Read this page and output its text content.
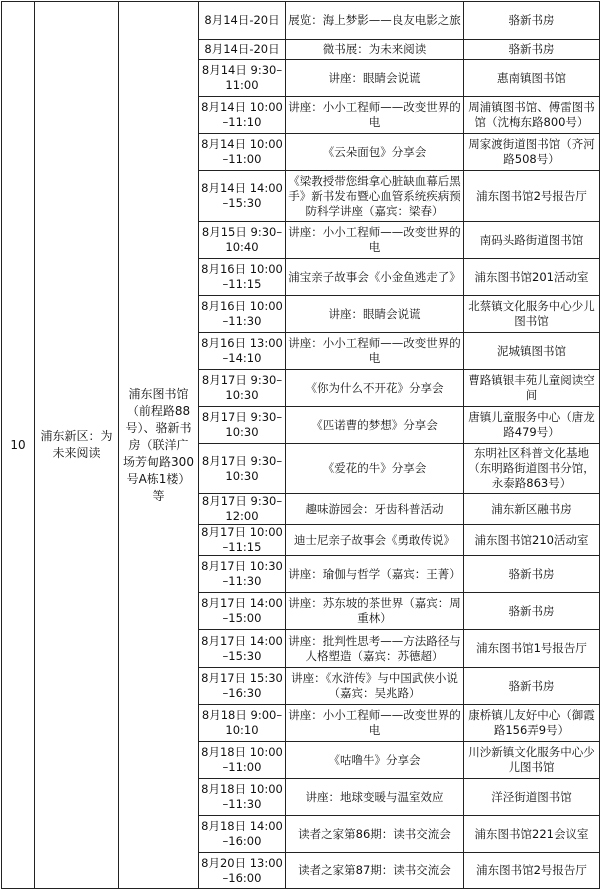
10	浦东新区：为未来阅读	浦东图书馆（前程路88号）、骆新书房（联洋广场芳甸路300号A栋1楼）等	8月14日-20日	展览：海上梦影——良友电影之旅	骆新书房
			8月14日-20日	微书展：为未来阅读	骆新书房
			8月14日 9:30–11:00	讲座：眼睛会说谎	惠南镇图书馆
			8月14日 10:00–11:10	讲座：小小工程师——改变世界的电	周浦镇图书馆、傅雷图书馆（沈梅东路800号）
			8月14日 10:00–11:00	《云朵面包》分享会	周家渡街道图书馆（齐河路508号）
			8月14日 14:00–15:30	《梁教授带您缉拿心脏缺血幕后黑手》新书发布暨心血管系统疾病预防科学讲座（嘉宾：梁春）	浦东图书馆2号报告厅
			8月15日 9:30–10:40	讲座：小小工程师——改变世界的电	南码头路街道图书馆
			8月16日 10:00–11:15	浦宝亲子故事会《小金鱼逃走了》	浦东图书馆201活动室
			8月16日 10:00–11:30	讲座：眼睛会说谎	北蔡镇文化服务中心少儿图书馆
			8月16日 13:00–14:10	讲座：小小工程师——改变世界的电	泥城镇图书馆
			8月17日 9:30–10:30	《你为什么不开花》分享会	曹路镇银丰苑儿童阅读空间
			8月17日 9:30–10:30	《匹诺曹的梦想》分享会	唐镇儿童服务中心（唐龙路479号）
			8月17日 9:30–10:30	《爱花的牛》分享会	东明社区科普文化基地（东明路街道图书分馆，永泰路863号）
			8月17日 9:30–12:00	趣味游园会：牙齿科普活动	浦东新区融书房
			8月17日 10:00–11:15	迪士尼亲子故事会《勇敢传说》	浦东图书馆210活动室
			8月17日 10:30–11:30	讲座：瑜伽与哲学（嘉宾：王菁）	骆新书房
			8月17日 14:00–15:00	讲座：苏东坡的茶世界（嘉宾：周重林）	骆新书房
			8月17日 14:00–15:30	讲座：批判性思考——方法路径与人格塑造（嘉宾：苏德超）	浦东图书馆1号报告厅
			8月17日 15:30–16:30	讲座：《水浒传》与中国武侠小说（嘉宾：吴兆路）	骆新书房
			8月18日 9:00–10:10	讲座：小小工程师——改变世界的电	康桥镇儿友好中心（御霞路156弄9号）
			8月18日 10:00–11:00	《咕噜牛》分享会	川沙新镇文化服务中心少儿图书馆
			8月18日 10:00–11:30	讲座：地球变暖与温室效应	洋泾街道图书馆
			8月18日 14:00–16:00	读者之家第86期：读书交流会	浦东图书馆221会议室
			8月20日 13:00–16:00	读者之家第87期：读书交流会	浦东图书馆2号报告厅
